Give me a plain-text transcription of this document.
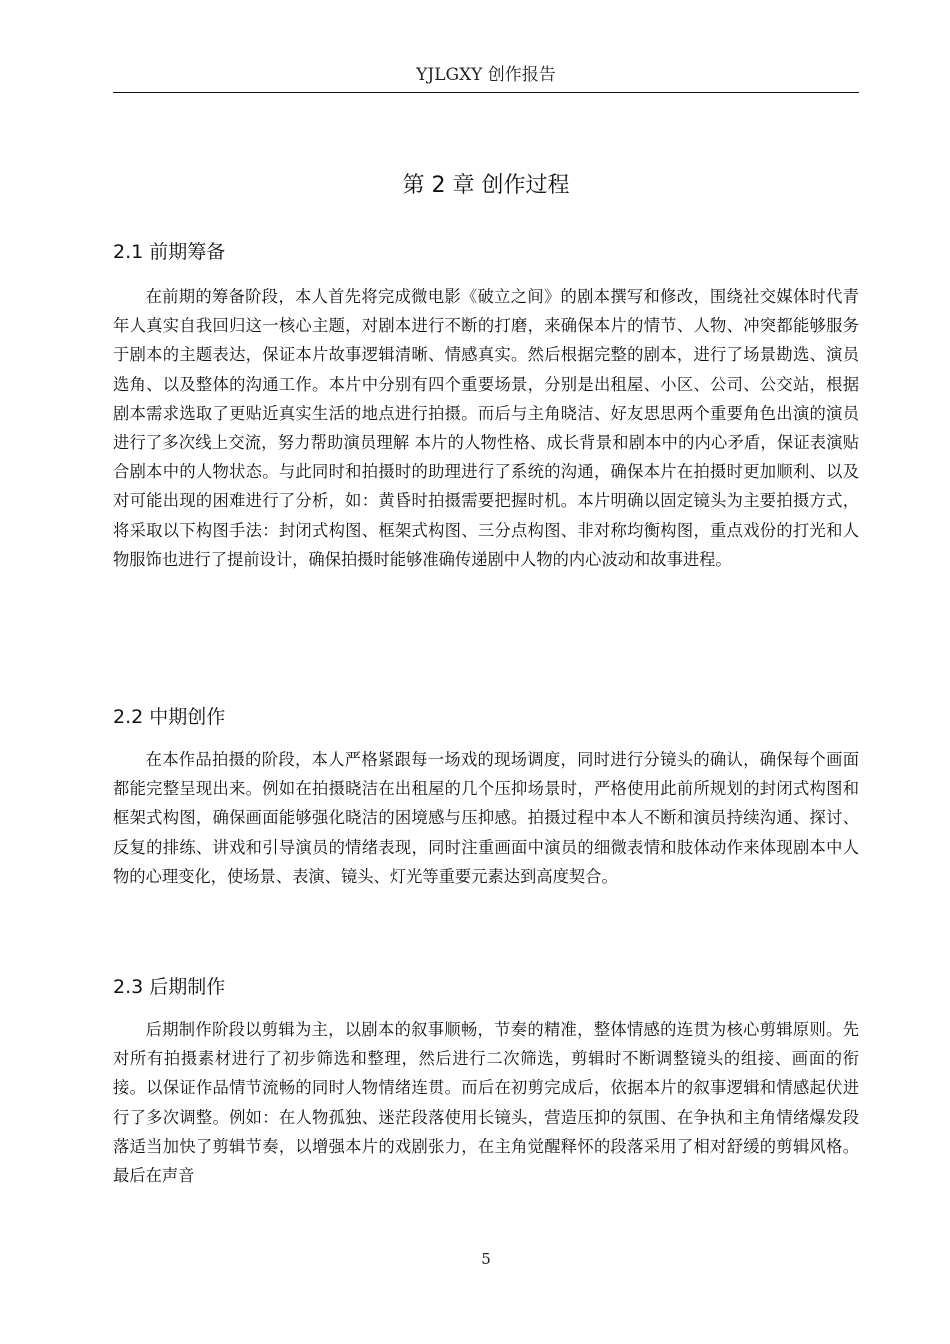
YJLGXY 创作报告
第 2 章 创作过程
2.1 前期筹备

在前期的筹备阶段，本人首先将完成微电影《破立之间》的剧本撰写和修改，围绕社交媒体时代青年人真实自我回归这一核心主题，对剧本进行不断的打磨，来确保本片的情节、人物、冲突都能够服务于剧本的主题表达，保证本片故事逻辑清晰、情感真实。然后根据完整的剧本，进行了场景勘选、演员选角、以及整体的沟通工作。本片中分别有四个重要场景，分别是出租屋、小区、公司、公交站，根据剧本需求选取了更贴近真实生活的地点进行拍摄。而后与主角晓洁、好友思思两个重要角色出演的演员进行了多次线上交流，努力帮助演员理解 本片的人物性格、成长背景和剧本中的内心矛盾，保证表演贴合剧本中的人物状态。与此同时和拍摄时的助理进行了系统的沟通，确保本片在拍摄时更加顺利、以及对可能出现的困难进行了分析，如：黄昏时拍摄需要把握时机。本片明确以固定镜头为主要拍摄方式，将采取以下构图手法：封闭式构图、框架式构图、三分点构图、非对称均衡构图，重点戏份的打光和人物服饰也进行了提前设计，确保拍摄时能够准确传递剧中人物的内心波动和故事进程。

2.2 中期创作

在本作品拍摄的阶段，本人严格紧跟每一场戏的现场调度，同时进行分镜头的确认，确保每个画面都能完整呈现出来。例如在拍摄晓洁在出租屋的几个压抑场景时，严格使用此前所规划的封闭式构图和框架式构图，确保画面能够强化晓洁的困境感与压抑感。拍摄过程中本人不断和演员持续沟通、探讨、反复的排练、讲戏和引导演员的情绪表现，同时注重画面中演员的细微表情和肢体动作来体现剧本中人物的心理变化，使场景、表演、镜头、灯光等重要元素达到高度契合。

2.3 后期制作

后期制作阶段以剪辑为主，以剧本的叙事顺畅，节奏的精准，整体情感的连贯为核心剪辑原则。先对所有拍摄素材进行了初步筛选和整理，然后进行二次筛选，剪辑时不断调整镜头的组接、画面的衔接。以保证作品情节流畅的同时人物情绪连贯。而后在初剪完成后，依据本片的叙事逻辑和情感起伏进行了多次调整。例如：在人物孤独、迷茫段落使用长镜头，营造压抑的氛围、在争执和主角情绪爆发段落适当加快了剪辑节奏，以增强本片的戏剧张力，在主角觉醒释怀的段落采用了相对舒缓的剪辑风格。最后在声音

5
